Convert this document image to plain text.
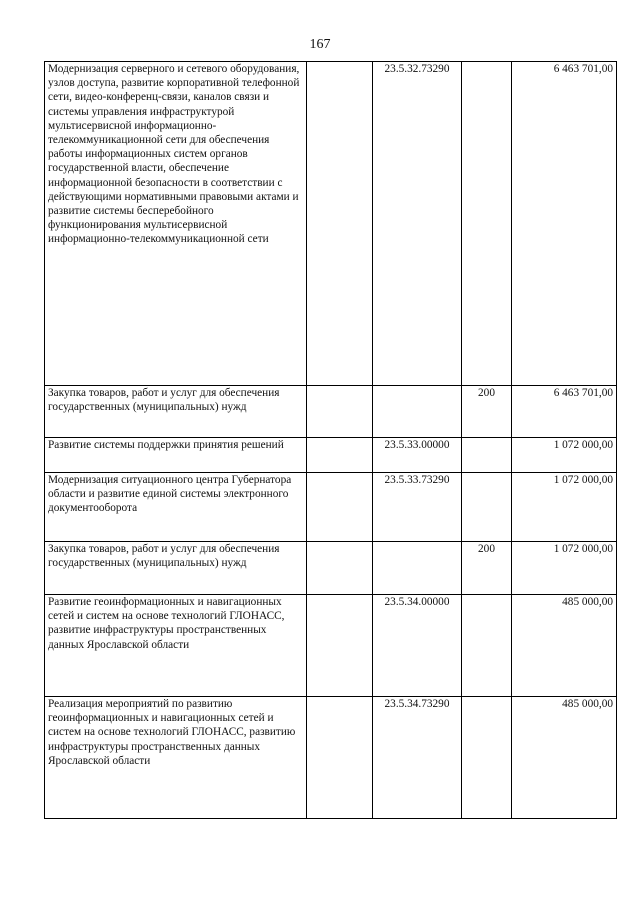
167
Модернизация серверного и сетевого оборудования, узлов доступа, развитие корпоративной телефонной сети, видео-конференц-связи, каналов связи и системы управления инфраструктурой мультисервисной информационно-телекоммуникационной сети для обеспечения работы информационных систем органов государственной власти, обеспечение информационной безопасности в соответствии с действующими нормативными правовыми актами и развитие системы бесперебойного функционирования мультисервисной информационно-телекоммуникационной сети		23.5.32.73290		6 463 701,00
Закупка товаров, работ и услуг для обеспечения государственных (муниципальных) нужд			200	6 463 701,00
Развитие системы поддержки принятия решений		23.5.33.00000		1 072 000,00
Модернизация ситуационного центра Губернатора области и развитие единой системы электронного документооборота		23.5.33.73290		1 072 000,00
Закупка товаров, работ и услуг для обеспечения государственных (муниципальных) нужд			200	1 072 000,00
Развитие геоинформационных и навигационных сетей и систем на основе технологий ГЛОНАСС, развитие инфраструктуры пространственных данных Ярославской области		23.5.34.00000		485 000,00
Реализация мероприятий по развитию геоинформационных и навигационных сетей и систем на основе технологий ГЛОНАСС, развитию инфраструктуры пространственных данных Ярославской области		23.5.34.73290		485 000,00
